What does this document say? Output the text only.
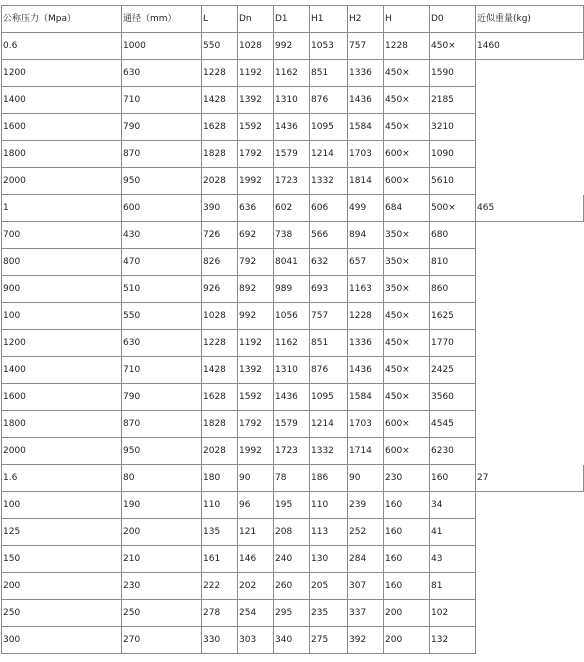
公称压力（Mpa）	通径（mm）	L	Dn	D1	H1	H2	H	D0	近似重量(kg)
0.6	1000	550	1028	992	1053	757	1228	450×	1460
1200	630	1228	1192	1162	851	1336	450×	1590	
1400	710	1428	1392	1310	876	1436	450×	2185	
1600	790	1628	1592	1436	1095	1584	450×	3210	
1800	870	1828	1792	1579	1214	1703	600×	1090	
2000	950	2028	1992	1723	1332	1814	600×	5610	
1	600	390	636	602	606	499	684	500×	465
700	430	726	692	738	566	894	350×	680	
800	470	826	792	8041	632	657	350×	810	
900	510	926	892	989	693	1163	350×	860	
100	550	1028	992	1056	757	1228	450×	1625	
1200	630	1228	1192	1162	851	1336	450×	1770	
1400	710	1428	1392	1310	876	1436	450×	2425	
1600	790	1628	1592	1436	1095	1584	450×	3560	
1800	870	1828	1792	1579	1214	1703	600×	4545	
2000	950	2028	1992	1723	1332	1714	600×	6230	
1.6	80	180	90	78	186	90	230	160	27
100	190	110	96	195	110	239	160	34	
125	200	135	121	208	113	252	160	41	
150	210	161	146	240	130	284	160	43	
200	230	222	202	260	205	307	160	81	
250	250	278	254	295	235	337	200	102	
300	270	330	303	340	275	392	200	132	
